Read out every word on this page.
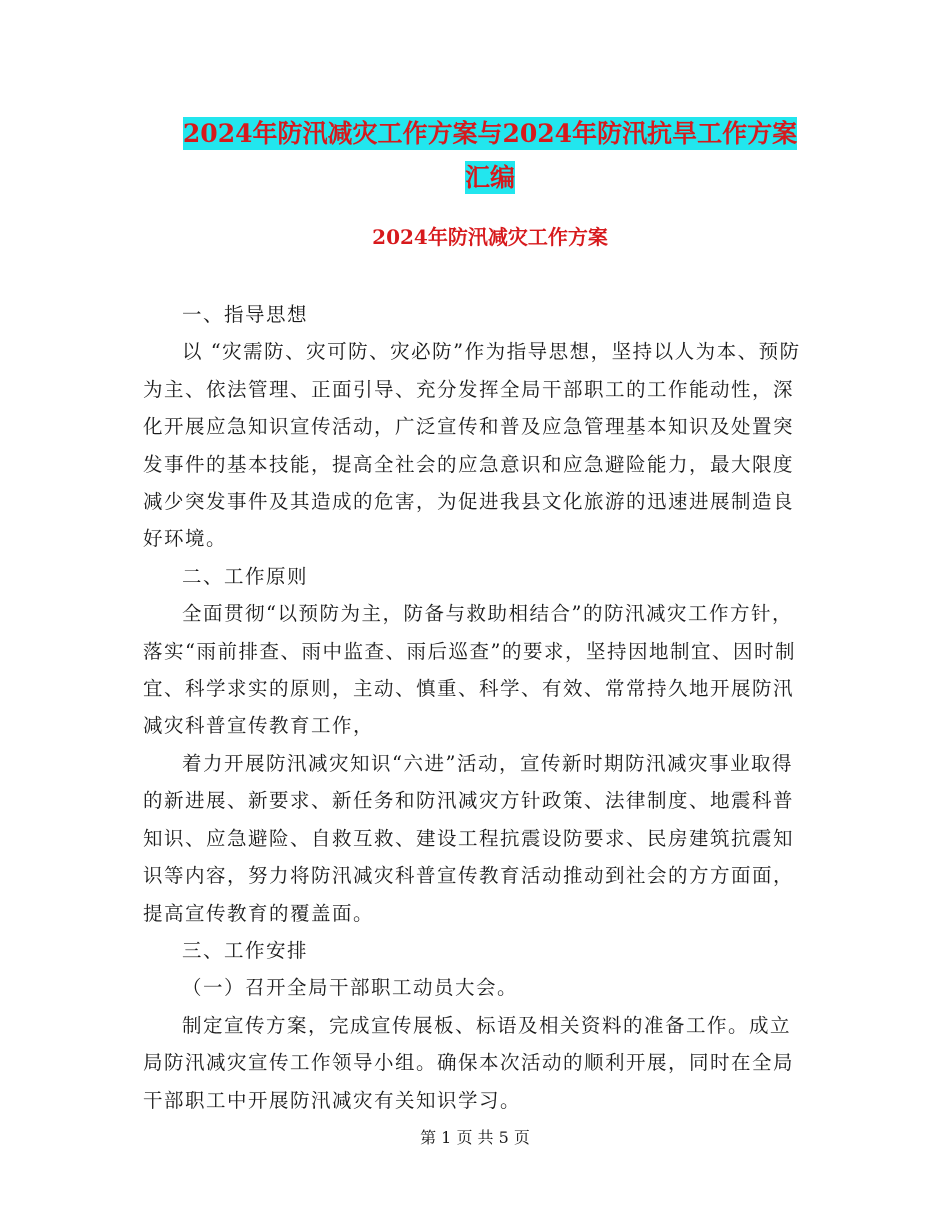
2024年防汛减灾工作方案与2024年防汛抗旱工作方案
汇编
2024年防汛减灾工作方案

一、指导思想

以 “灾需防、灾可防、灾必防”作为指导思想，坚持以人为本、预防为主、依法管理、正面引导、充分发挥全局干部职工的工作能动性，深化开展应急知识宣传活动，广泛宣传和普及应急管理基本知识及处置突发事件的基本技能，提高全社会的应急意识和应急避险能力，最大限度减少突发事件及其造成的危害，为促进我县文化旅游的迅速进展制造良好环境。

二、工作原则

全面贯彻“以预防为主，防备与救助相结合”的防汛减灾工作方针，落实“雨前排查、雨中监查、雨后巡查”的要求，坚持因地制宜、因时制宜、科学求实的原则，主动、慎重、科学、有效、常常持久地开展防汛减灾科普宣传教育工作，

着力开展防汛减灾知识“六进”活动，宣传新时期防汛减灾事业取得的新进展、新要求、新任务和防汛减灾方针政策、法律制度、地震科普知识、应急避险、自救互救、建设工程抗震设防要求、民房建筑抗震知识等内容，努力将防汛减灾科普宣传教育活动推动到社会的方方面面，提高宣传教育的覆盖面。

三、工作安排

（一）召开全局干部职工动员大会。

制定宣传方案，完成宣传展板、标语及相关资料的准备工作。成立局防汛减灾宣传工作领导小组。确保本次活动的顺利开展，同时在全局干部职工中开展防汛减灾有关知识学习。

第 1 页 共 5 页
